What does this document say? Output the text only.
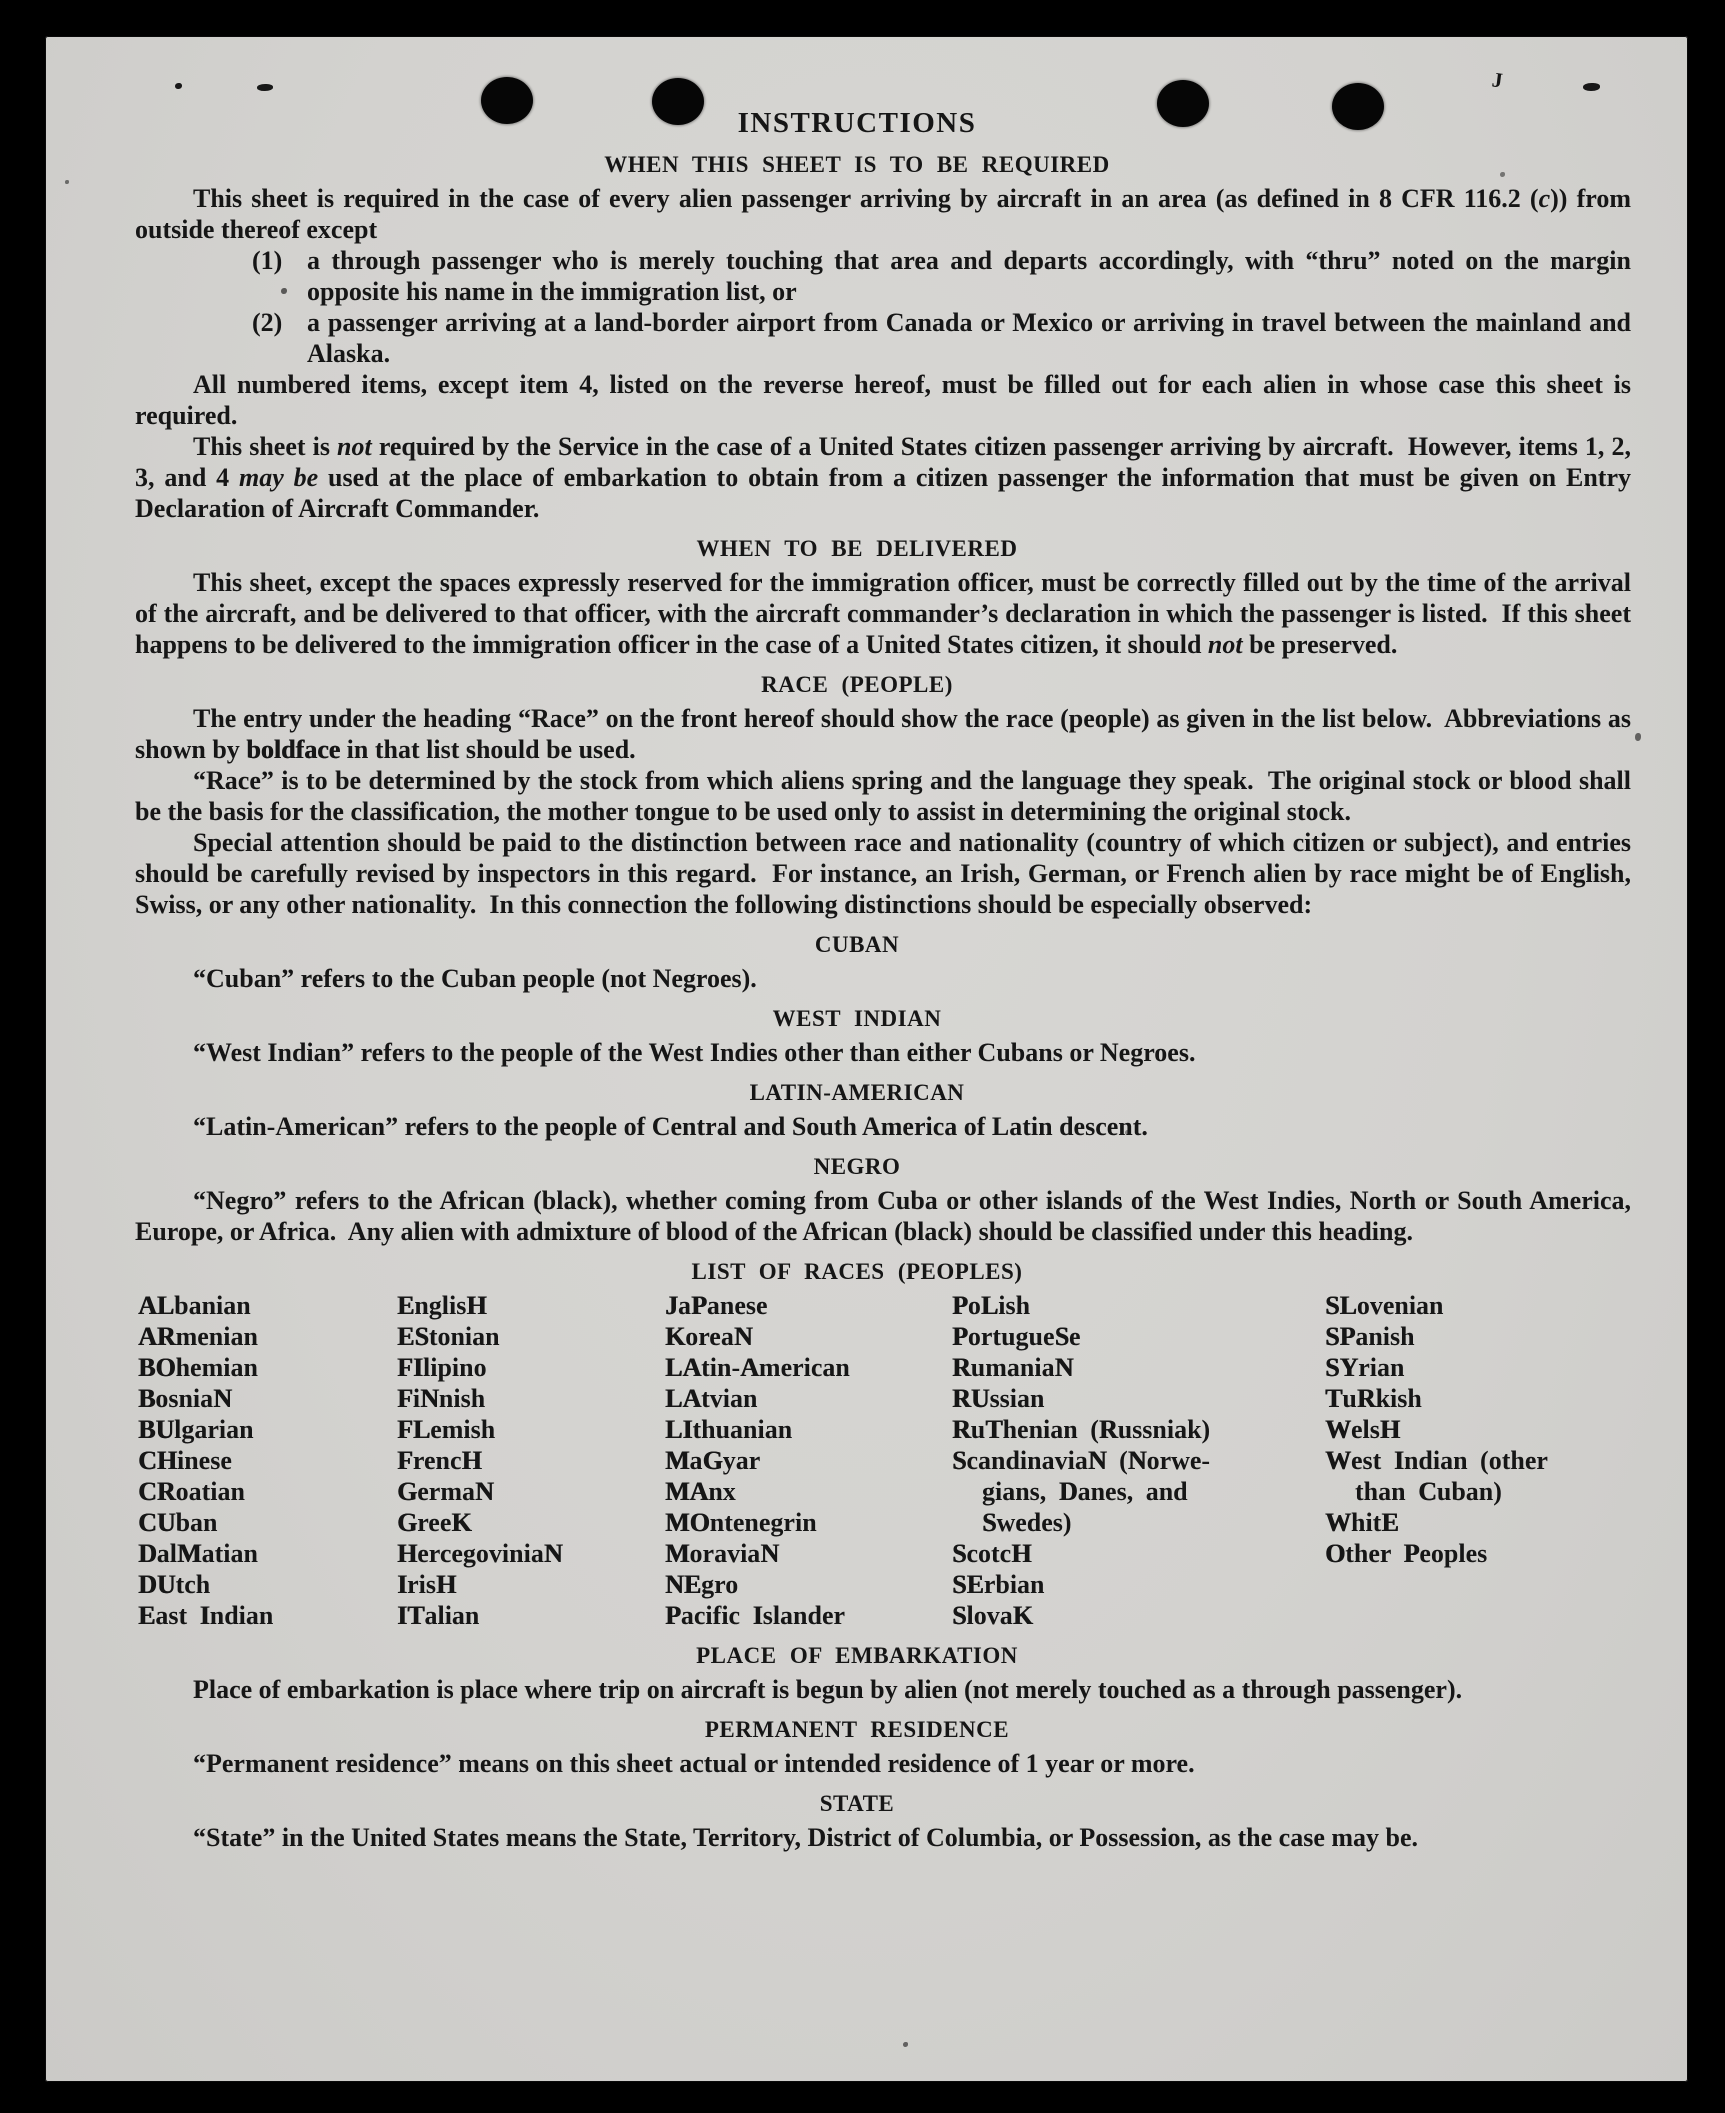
INSTRUCTIONS
WHEN THIS SHEET IS TO BE REQUIRED
This sheet is required in the case of every alien passenger arriving by aircraft in an area (as defined in 8 CFR 116.2 (c)) from outside thereof except
(1) a through passenger who is merely touching that area and departs accordingly, with “thru” noted on the margin opposite his name in the immigration list, or
(2) a passenger arriving at a land-border airport from Canada or Mexico or arriving in travel between the mainland and Alaska.
All numbered items, except item 4, listed on the reverse hereof, must be filled out for each alien in whose case this sheet is required.
This sheet is not required by the Service in the case of a United States citizen passenger arriving by aircraft.  However, items 1, 2, 3, and 4 may be used at the place of embarkation to obtain from a citizen passenger the information that must be given on Entry Declaration of Aircraft Commander.
WHEN TO BE DELIVERED
This sheet, except the spaces expressly reserved for the immigration officer, must be correctly filled out by the time of the arrival of the aircraft, and be delivered to that officer, with the aircraft commander’s declaration in which the passenger is listed.  If this sheet happens to be delivered to the immigration officer in the case of a United States citizen, it should not be preserved.
RACE (PEOPLE)
The entry under the heading “Race” on the front hereof should show the race (people) as given in the list below.  Abbreviations as shown by boldface in that list should be used.
“Race” is to be determined by the stock from which aliens spring and the language they speak.  The original stock or blood shall be the basis for the classification, the mother tongue to be used only to assist in determining the original stock.
Special attention should be paid to the distinction between race and nationality (country of which citizen or subject), and entries should be carefully revised by inspectors in this regard.  For instance, an Irish, German, or French alien by race might be of English, Swiss, or any other nationality.  In this connection the following distinctions should be especially observed:
CUBAN
“Cuban” refers to the Cuban people (not Negroes).
WEST INDIAN
“West Indian” refers to the people of the West Indies other than either Cubans or Negroes.
LATIN-AMERICAN
“Latin-American” refers to the people of Central and South America of Latin descent.
NEGRO
“Negro” refers to the African (black), whether coming from Cuba or other islands of the West Indies, North or South America, Europe, or Africa.  Any alien with admixture of blood of the African (black) should be classified under this heading.
LIST OF RACES (PEOPLES)
ALbanian
ARmenian
BOhemian
BosniaN
BUlgarian
CHinese
CRoatian
CUban
DalMatian
DUtch
East Indian
EnglisH
EStonian
FIlipino
FiNnish
FLemish
FrencH
GermaN
GreeK
HercegoviniaN
IrisH
ITalian
JaPanese
KoreaN
LAtin-American
LAtvian
LIthuanian
MaGyar
MAnx
MOntenegrin
MoraviaN
NEgro
Pacific Islander
PoLish
PortugueSe
RumaniaN
RUssian
RuThenian (Russniak)
ScandinaviaN (Norwe-
gians, Danes, and
Swedes)
ScotcH
SErbian
SlovaK
SLovenian
SPanish
SYrian
TuRkish
WelsH
West Indian (other
than Cuban)
WhitE
Other Peoples
PLACE OF EMBARKATION
Place of embarkation is place where trip on aircraft is begun by alien (not merely touched as a through passenger).
PERMANENT RESIDENCE
“Permanent residence” means on this sheet actual or intended residence of 1 year or more.
STATE
“State” in the United States means the State, Territory, District of Columbia, or Possession, as the case may be.
J
